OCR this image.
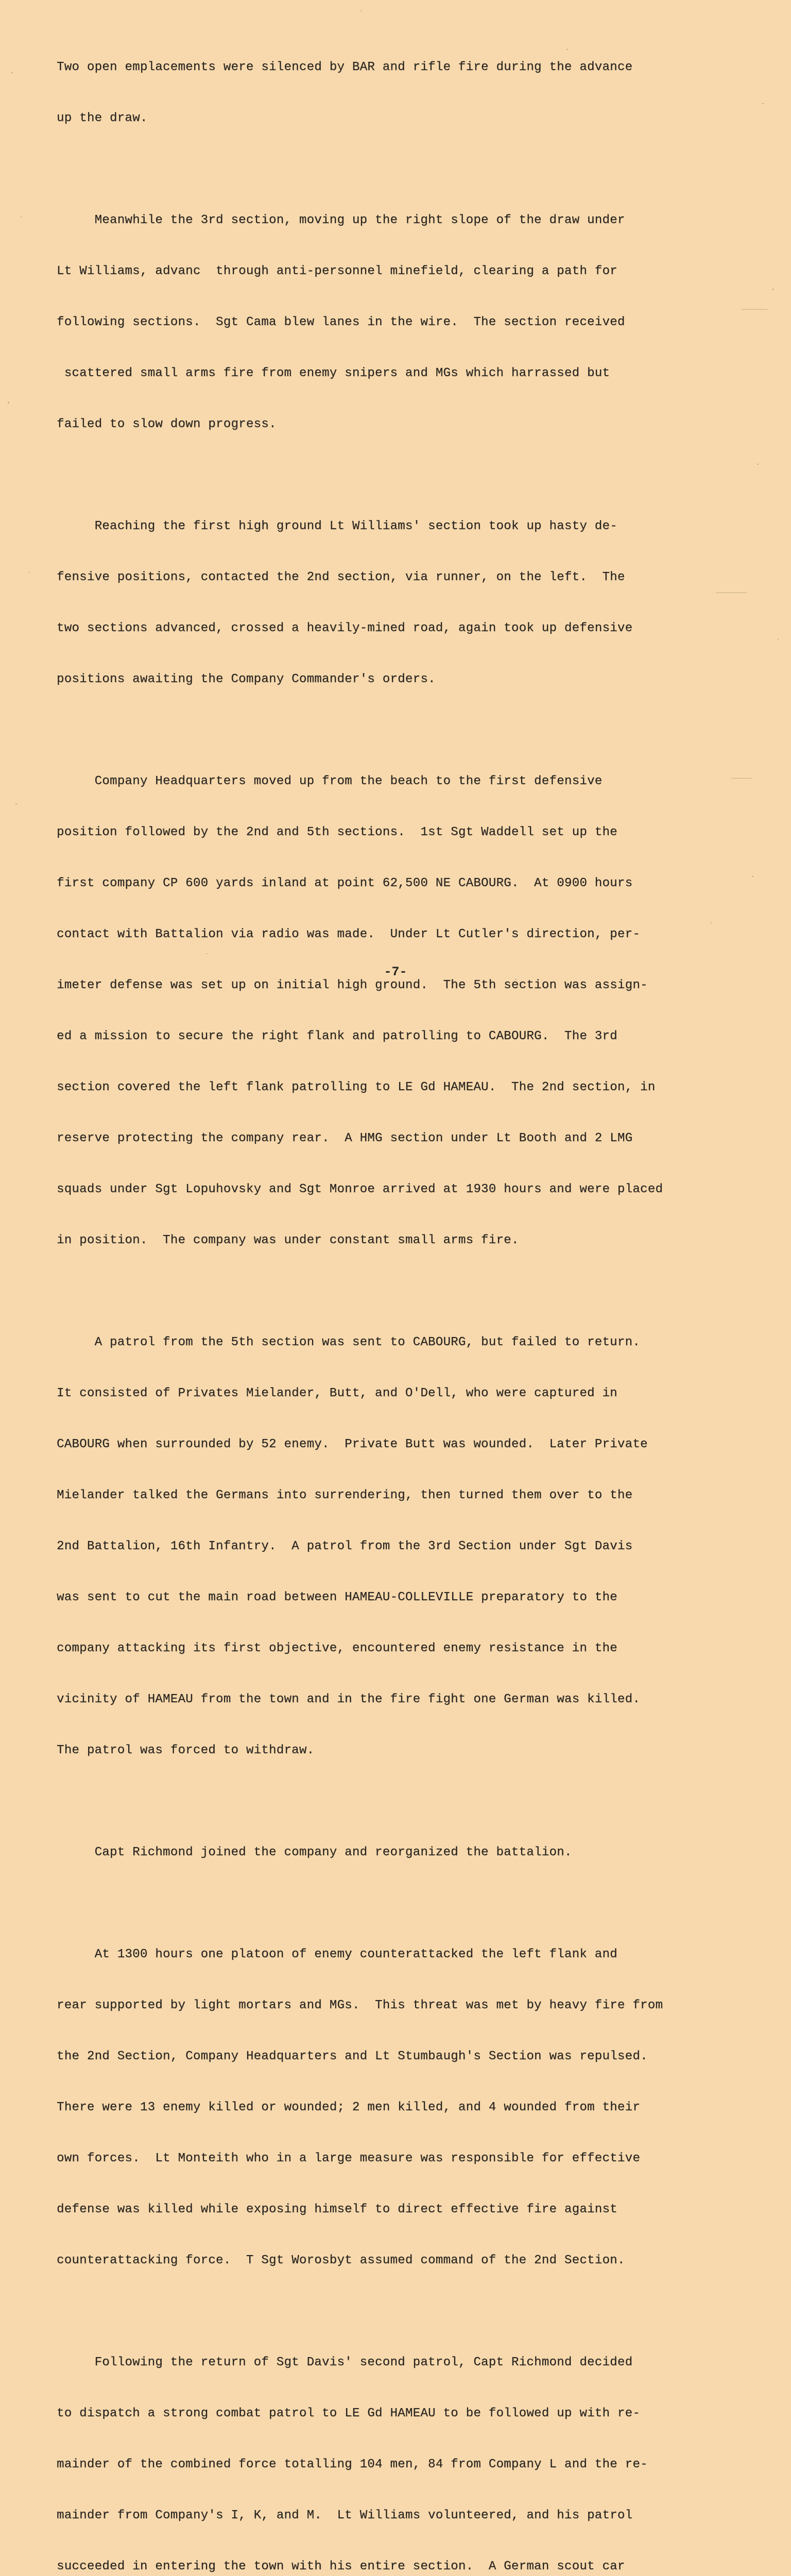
Two open emplacements were silenced by BAR and rifle fire during the advance

up the draw.

Meanwhile the 3rd section, moving up the right slope of the draw under

Lt Williams, advanc  through anti-personnel minefield, clearing a path for

following sections.  Sgt Cama blew lanes in the wire.  The section received

scattered small arms fire from enemy snipers and MGs which harrassed but

failed to slow down progress.

Reaching the first high ground Lt Williams' section took up hasty de-

fensive positions, contacted the 2nd section, via runner, on the left.  The

two sections advanced, crossed a heavily-mined road, again took up defensive

positions awaiting the Company Commander's orders.

Company Headquarters moved up from the beach to the first defensive

position followed by the 2nd and 5th sections.  1st Sgt Waddell set up the

first company CP 600 yards inland at point 62,500 NE CABOURG.  At 0900 hours

contact with Battalion via radio was made.  Under Lt Cutler's direction, per-

imeter defense was set up on initial high ground.  The 5th section was assign-

ed a mission to secure the right flank and patrolling to CABOURG.  The 3rd

section covered the left flank patrolling to LE Gd HAMEAU.  The 2nd section, in

reserve protecting the company rear.  A HMG section under Lt Booth and 2 LMG

squads under Sgt Lopuhovsky and Sgt Monroe arrived at 1930 hours and were placed

in position.  The company was under constant small arms fire.

A patrol from the 5th section was sent to CABOURG, but failed to return.

It consisted of Privates Mielander, Butt, and O'Dell, who were captured in

CABOURG when surrounded by 52 enemy.  Private Butt was wounded.  Later Private

Mielander talked the Germans into surrendering, then turned them over to the

2nd Battalion, 16th Infantry.  A patrol from the 3rd Section under Sgt Davis

was sent to cut the main road between HAMEAU-COLLEVILLE preparatory to the

company attacking its first objective, encountered enemy resistance in the

vicinity of HAMEAU from the town and in the fire fight one German was killed.

The patrol was forced to withdraw.

Capt Richmond joined the company and reorganized the battalion.

At 1300 hours one platoon of enemy counterattacked the left flank and

rear supported by light mortars and MGs.  This threat was met by heavy fire from

the 2nd Section, Company Headquarters and Lt Stumbaugh's Section was repulsed.

There were 13 enemy killed or wounded; 2 men killed, and 4 wounded from their

own forces.  Lt Monteith who in a large measure was responsible for effective

defense was killed while exposing himself to direct effective fire against

counterattacking force.  T Sgt Worosbyt assumed command of the 2nd Section.

Following the return of Sgt Davis' second patrol, Capt Richmond decided

to dispatch a strong combat patrol to LE Gd HAMEAU to be followed up with re-

mainder of the combined force totalling 104 men, 84 from Company L and the re-

mainder from Company's I, K, and M.  Lt Williams volunteered, and his patrol

succeeded in entering the town with his entire section.  A German scout car

-7-
